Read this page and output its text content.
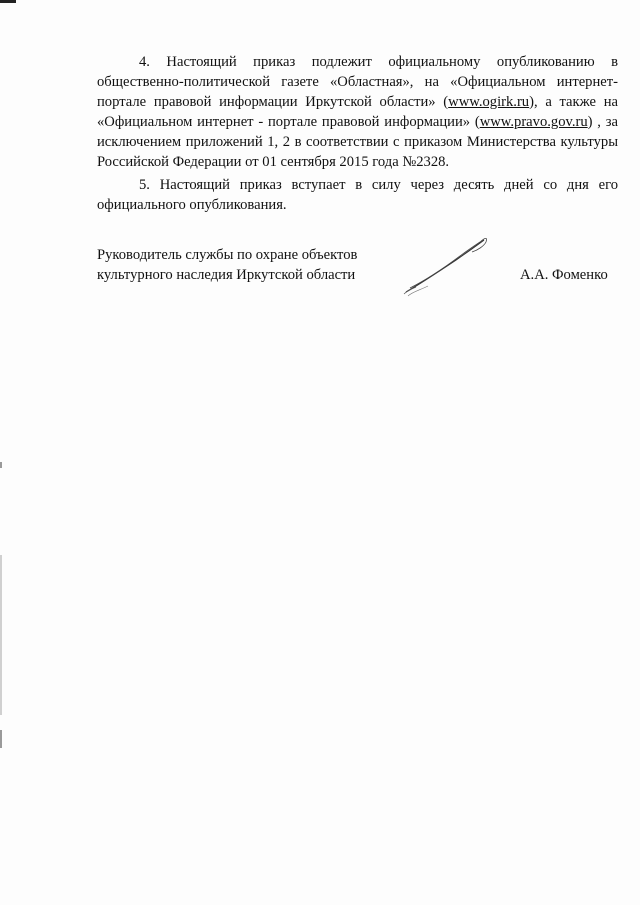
4. Настоящий приказ подлежит официальному опубликованию в общественно-политической газете «Областная», на «Официальном интернет-портале правовой информации Иркутской области» (www.ogirk.ru), а также на «Официальном интернет - портале правовой информации» (www.pravo.gov.ru) , за исключением приложений 1, 2 в соответствии с приказом Министерства культуры Российской Федерации от 01 сентября 2015 года №2328.

5. Настоящий приказ вступает в силу через десять дней со дня его официального опубликования.

Руководитель службы по охране объектов
культурного наследия Иркутской области	А.А. Фоменко
